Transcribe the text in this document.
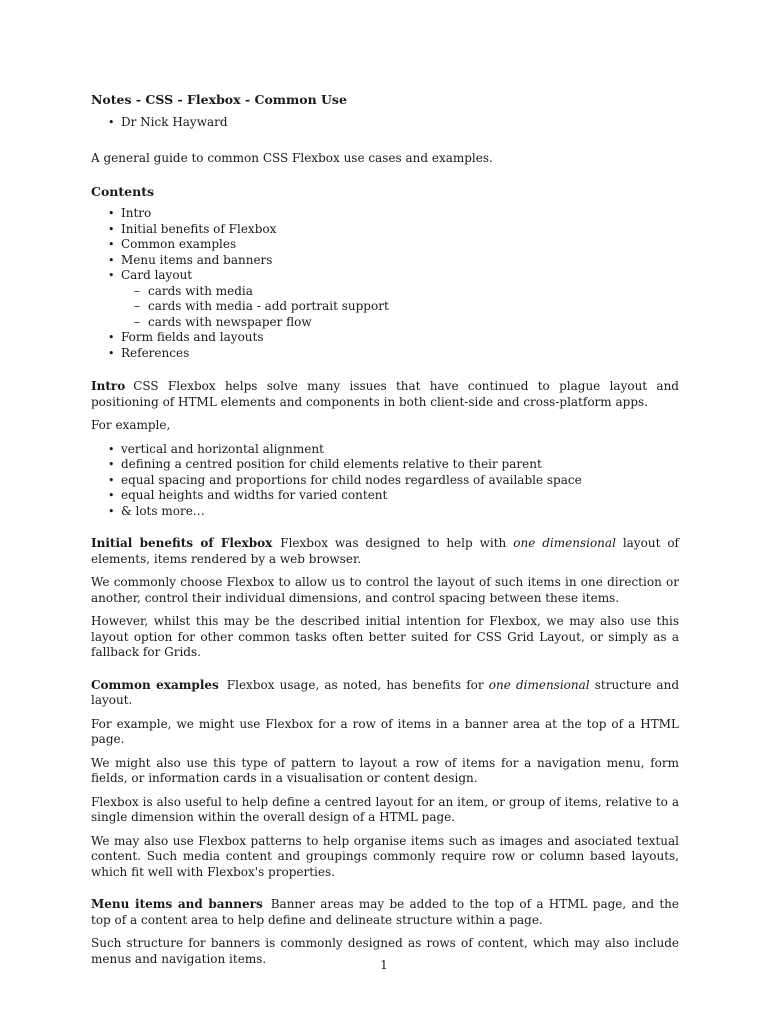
Notes - CSS - Flexbox - Common Use
• Dr Nick Hayward

A general guide to common CSS Flexbox use cases and examples.

Contents
• Intro
• Initial benefits of Flexbox
• Common examples
• Menu items and banners
• Card layout
– cards with media
– cards with media - add portrait support
– cards with newspaper flow
• Form fields and layouts
• References

Intro CSS Flexbox helps solve many issues that have continued to plague layout and positioning of HTML elements and components in both client-side and cross-platform apps.

For example,

• vertical and horizontal alignment
• defining a centred position for child elements relative to their parent
• equal spacing and proportions for child nodes regardless of available space
• equal heights and widths for varied content
• & lots more…

Initial benefits of Flexbox Flexbox was designed to help with one dimensional layout of elements, items rendered by a web browser.

We commonly choose Flexbox to allow us to control the layout of such items in one direction or another, control their individual dimensions, and control spacing between these items.

However, whilst this may be the described initial intention for Flexbox, we may also use this layout option for other common tasks often better suited for CSS Grid Layout, or simply as a fallback for Grids.

Common examples Flexbox usage, as noted, has benefits for one dimensional structure and layout.

For example, we might use Flexbox for a row of items in a banner area at the top of a HTML page.

We might also use this type of pattern to layout a row of items for a navigation menu, form fields, or information cards in a visualisation or content design.

Flexbox is also useful to help define a centred layout for an item, or group of items, relative to a single dimension within the overall design of a HTML page.

We may also use Flexbox patterns to help organise items such as images and asociated textual content. Such media content and groupings commonly require row or column based layouts, which fit well with Flexbox's properties.

Menu items and banners Banner areas may be added to the top of a HTML page, and the top of a content area to help define and delineate structure within a page.

Such structure for banners is commonly designed as rows of content, which may also include menus and navigation items.	1
